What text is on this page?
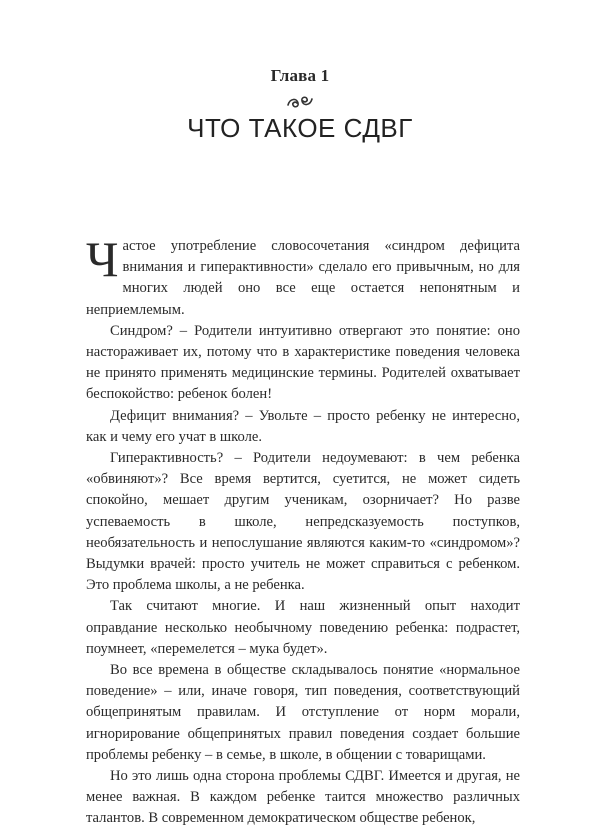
Глава 1
ЧТО ТАКОЕ СДВГ

Частое употребление словосочетания «синдром дефицита внимания и гиперактивности» сделало его привычным, но для многих людей оно все еще остается непонятным и неприемлемым.

Синдром? – Родители интуитивно отвергают это понятие: оно настораживает их, потому что в характеристике поведения человека не принято применять медицинские термины. Родителей охватывает беспокойство: ребенок болен!

Дефицит внимания? – Увольте – просто ребенку не интересно, как и чему его учат в школе.

Гиперактивность? – Родители недоумевают: в чем ребенка «обвиняют»? Все время вертится, суетится, не может сидеть спокойно, мешает другим ученикам, озорничает? Но разве успеваемость в школе, непредсказуемость поступков, необязательность и непослушание являются каким-то «синдромом»? Выдумки врачей: просто учитель не может справиться с ребенком. Это проблема школы, а не ребенка.

Так считают многие. И наш жизненный опыт находит оправдание несколько необычному поведению ребенка: подрастет, поумнеет, «перемелется – мука будет».

Во все времена в обществе складывалось понятие «нормальное поведение» – или, иначе говоря, тип поведения, соответствующий общепринятым правилам. И отступление от норм морали, игнорирование общепринятых правил поведения создает большие проблемы ребенку – в семье, в школе, в общении с товарищами.

Но это лишь одна сторона проблемы СДВГ. Имеется и другая, не менее важная. В каждом ребенке таится множество различных талантов. В современном демократическом обществе ребенок,
